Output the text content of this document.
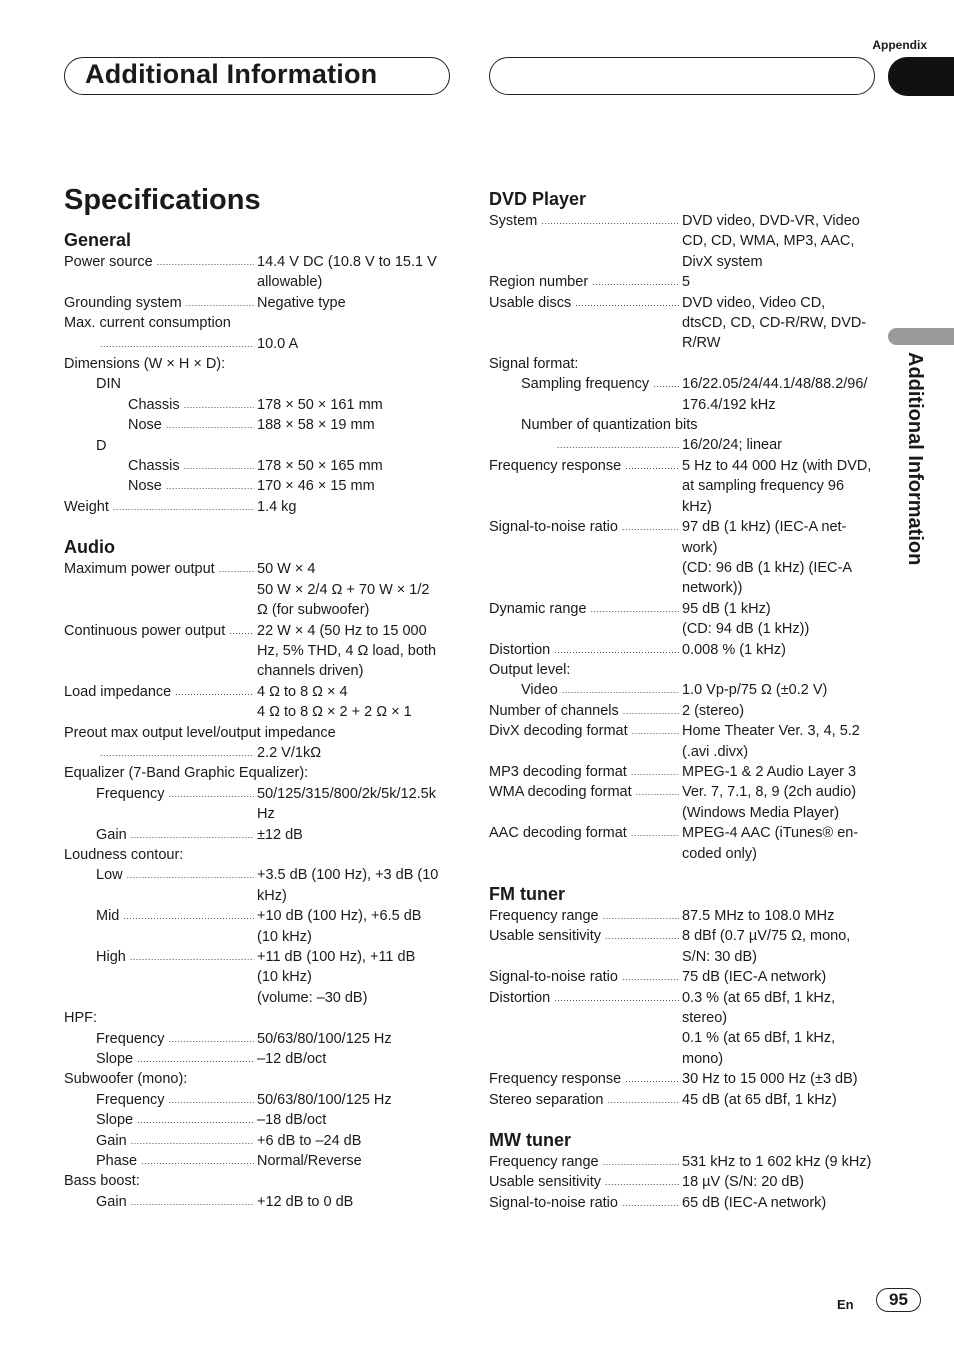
Appendix
Additional Information
Additional Information
Specifications
General
Power source .....	14.4 V DC (10.8 V to 15.1 V
allowable)
Grounding system .....	Negative type
Max. current consumption
.....
10.0 A
Dimensions (W × H × D):
DIN
Chassis .....	178 × 50 × 161 mm
Nose .....	188 × 58 × 19 mm
D
Chassis .....	178 × 50 × 165 mm
Nose .....	170 × 46 × 15 mm
Weight .....	1.4 kg
Audio
Maximum power output .....	50 W × 4
50 W × 2/4 Ω + 70 W × 1/2
Ω (for subwoofer)
Continuous power output ..... 22 W × 4 (50 Hz to 15 000
Hz, 5% THD, 4 Ω load, both
channels driven)
Load impedance .....	4 Ω to 8 Ω × 4
4 Ω to 8 Ω × 2 + 2 Ω × 1
Preout max output level/output impedance
.....
2.2 V/1kΩ
Equalizer (7-Band Graphic Equalizer):
Frequency .....	50/125/315/800/2k/5k/12.5k
Hz
Gain .....	±12 dB
Loudness contour:
Low .....	+3.5 dB (100 Hz), +3 dB (10
kHz)
Mid .....	+10 dB (100 Hz), +6.5 dB
(10 kHz)
High .....	+11 dB (100 Hz), +11 dB
(10 kHz)
(volume: –30 dB)
HPF:
Frequency .....	50/63/80/100/125 Hz
Slope .....	–12 dB/oct
Subwoofer (mono):
Frequency .....	50/63/80/100/125 Hz
Slope .....	–18 dB/oct
Gain .....	+6 dB to –24 dB
Phase .....	Normal/Reverse
Bass boost:
Gain .....	+12 dB to 0 dB
DVD Player
System .....	DVD video, DVD-VR, Video
CD, CD, WMA, MP3, AAC,
DivX system
Region number .....	5
Usable discs .....	DVD video, Video CD,
dtsCD, CD, CD-R/RW, DVD-
R/RW
Signal format:
Sampling frequency ..... 16/22.05/24/44.1/48/88.2/96/
176.4/192 kHz
Number of quantization bits
.....
16/20/24; linear
Frequency response .....	5 Hz to 44 000 Hz (with DVD,
at sampling frequency 96
kHz)
Signal-to-noise ratio .....	97 dB (1 kHz) (IEC-A net-
work)
(CD: 96 dB (1 kHz) (IEC-A
network))
Dynamic range .....	95 dB (1 kHz)
(CD: 94 dB (1 kHz))
Distortion .....	0.008 % (1 kHz)
Output level:
Video .....	1.0 Vp-p/75 Ω (±0.2 V)
Number of channels .....	2 (stereo)
DivX decoding format .....	Home Theater Ver. 3, 4, 5.2
(.avi .divx)
MP3 decoding format .....	MPEG-1 & 2 Audio Layer 3
WMA decoding format .....	Ver. 7, 7.1, 8, 9 (2ch audio)
(Windows Media Player)
AAC decoding format .....	MPEG-4 AAC (iTunes® en-
coded only)
FM tuner
Frequency range .....	87.5 MHz to 108.0 MHz
Usable sensitivity .....	8 dBf (0.7 µV/75 Ω, mono,
S/N: 30 dB)
Signal-to-noise ratio .....	75 dB (IEC-A network)
Distortion .....	0.3 % (at 65 dBf, 1 kHz,
stereo)
0.1 % (at 65 dBf, 1 kHz,
mono)
Frequency response .....	30 Hz to 15 000 Hz (±3 dB)
Stereo separation .....	45 dB (at 65 dBf, 1 kHz)
MW tuner
Frequency range .....	531 kHz to 1 602 kHz (9 kHz)
Usable sensitivity .....	18 µV (S/N: 20 dB)
Signal-to-noise ratio .....	65 dB (IEC-A network)
En	95
